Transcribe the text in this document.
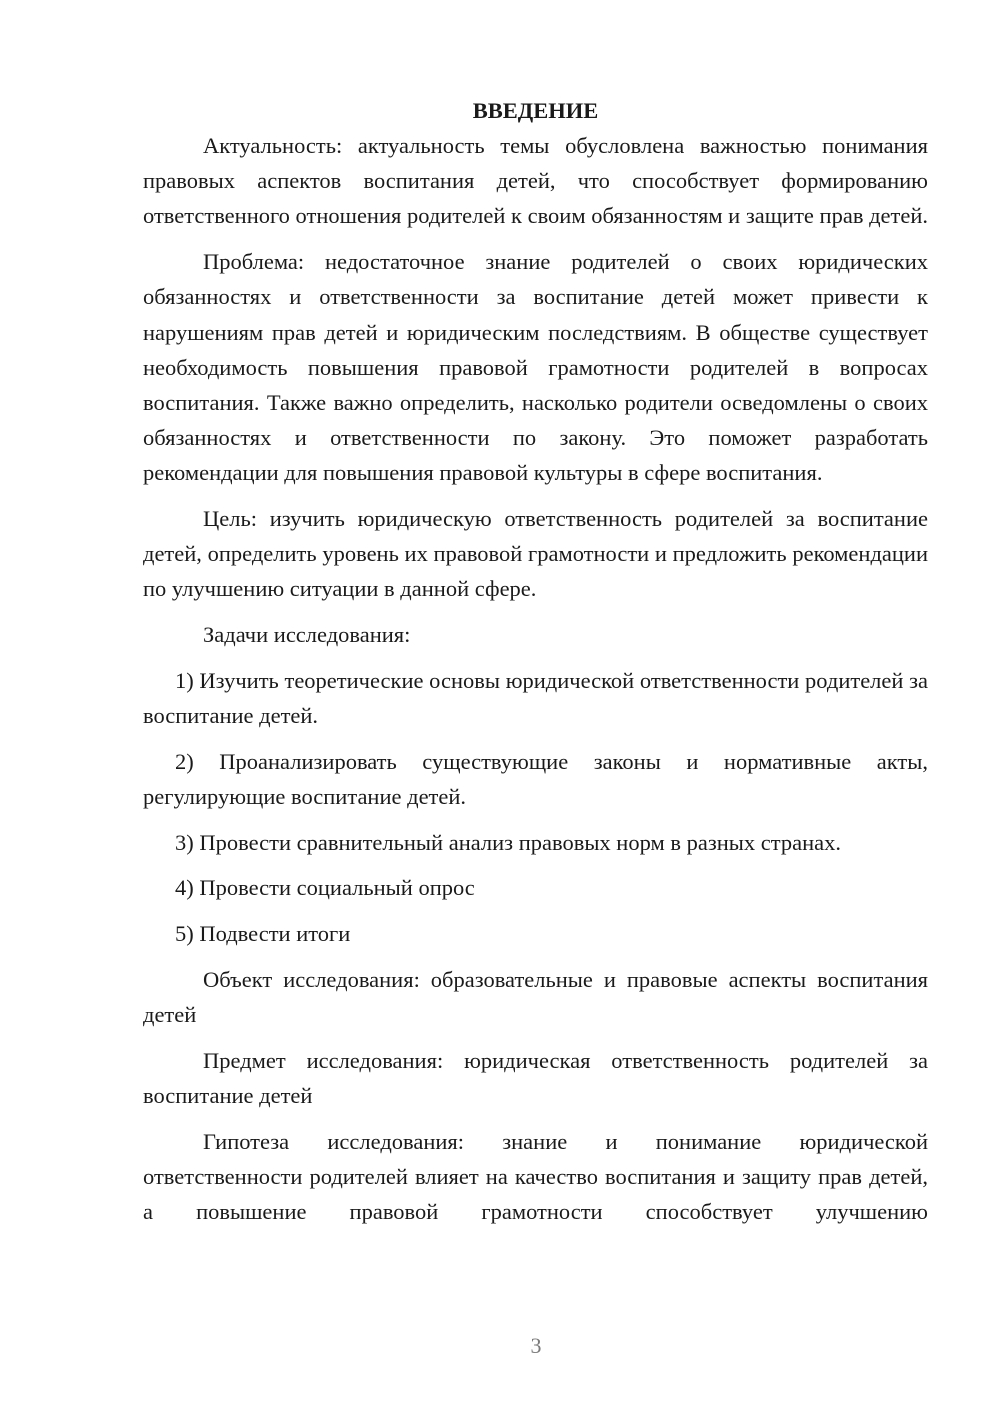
ВВЕДЕНИЕ

Актуальность: актуальность темы обусловлена важностью понимания правовых аспектов воспитания детей, что способствует формированию ответственного отношения родителей к своим обязанностям и защите прав детей.

Проблема: недостаточное знание родителей о своих юридических обязанностях и ответственности за воспитание детей может привести к нарушениям прав детей и юридическим последствиям. В обществе существует необходимость повышения правовой грамотности родителей в вопросах воспитания. Также важно определить, насколько родители осведомлены о своих обязанностях и ответственности по закону. Это поможет разработать рекомендации для повышения правовой культуры в сфере воспитания.

Цель: изучить юридическую ответственность родителей за воспитание детей, определить уровень их правовой грамотности и предложить рекомендации по улучшению ситуации в данной сфере.

Задачи исследования:

1) Изучить теоретические основы юридической ответственности родителей за воспитание детей.

2) Проанализировать существующие законы и нормативные акты, регулирующие воспитание детей.

3) Провести сравнительный анализ правовых норм в разных странах.

4) Провести социальный опрос

5) Подвести итоги

Объект исследования: образовательные и правовые аспекты воспитания детей

Предмет исследования: юридическая ответственность родителей за воспитание детей

Гипотеза исследования: знание и понимание юридической ответственности родителей влияет на качество воспитания и защиту прав детей, а повышение правовой грамотности способствует улучшению

3
